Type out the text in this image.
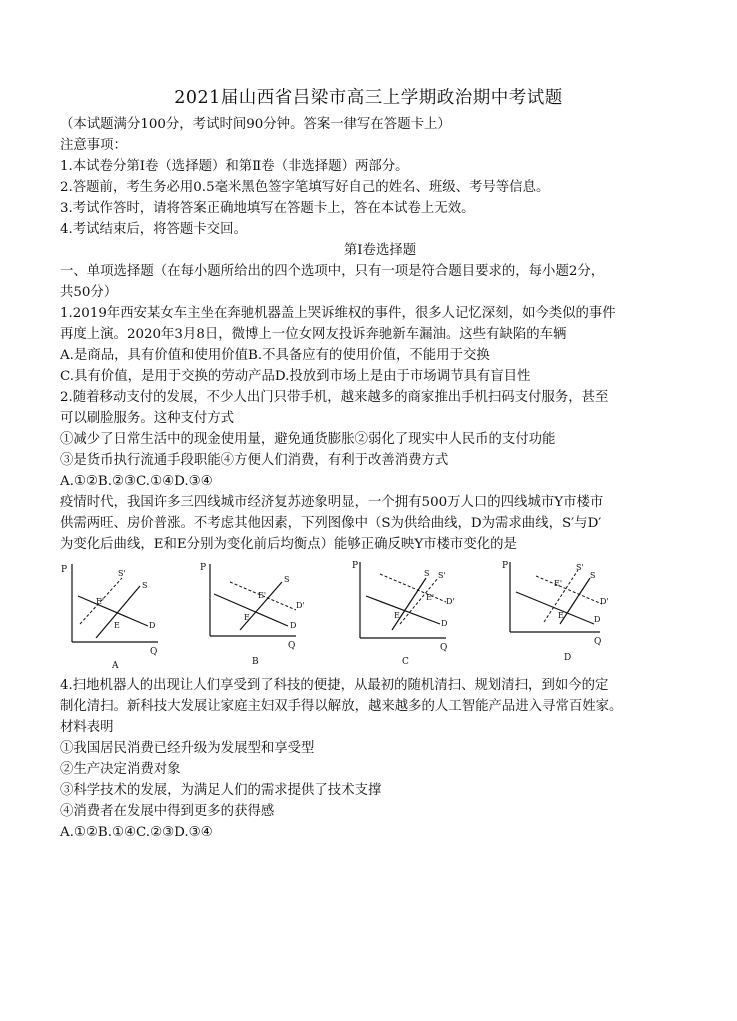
2021届山西省吕梁市高三上学期政治期中考试题
（本试题满分100分，考试时间90分钟。答案一律写在答题卡上）
注意事项：
1.本试卷分第Ⅰ卷（选择题）和第Ⅱ卷（非选择题）两部分。
2.答题前，考生务必用0.5毫米黑色签字笔填写好自己的姓名、班级、考号等信息。
3.考试作答时，请将答案正确地填写在答题卡上，答在本试卷上无效。
4.考试结束后，将答题卡交回。
第Ⅰ卷选择题
一、单项选择题（在每小题所给出的四个选项中，只有一项是符合题目要求的，每小题2分，
共50分）
1.2019年西安某女车主坐在奔驰机器盖上哭诉维权的事件，很多人记忆深刻，如今类似的事件
再度上演。2020年3月8日，微博上一位女网友投诉奔驰新车漏油。这些有缺陷的车辆
A.是商品，具有价值和使用价值B.不具备应有的使用价值，不能用于交换
C.具有价值，是用于交换的劳动产品D.投放到市场上是由于市场调节具有盲目性
2.随着移动支付的发展，不少人出门只带手机，越来越多的商家推出手机扫码支付服务，甚至
可以刷脸服务。这种支付方式
①减少了日常生活中的现金使用量，避免通货膨胀②弱化了现实中人民币的支付功能
③是货币执行流通手段职能④方便人们消费，有利于改善消费方式
A.①②B.②③C.①④D.③④
疫情时代，我国许多三四线城市经济复苏迹象明显，一个拥有500万人口的四线城市Y市楼市
供需两旺、房价普涨。不考虑其他因素，下列图像中（S为供给曲线，D为需求曲线，S′与D′
为变化后曲线，E和E分别为变化前后均衡点）能够正确反映Y市楼市变化的是
P
Q
S'
S
D
E'
E
A
P
Q
S
D'
D
E'
E
B
P
Q
S S'
D'
D
E'
E
C
P
Q
S'
S
D'
D
E'
E
D
4.扫地机器人的出现让人们享受到了科技的便捷，从最初的随机清扫、规划清扫，到如今的定
制化清扫。新科技大发展让家庭主妇双手得以解放，越来越多的人工智能产品进入寻常百姓家。
材料表明
①我国居民消费已经升级为发展型和享受型
②生产决定消费对象
③科学技术的发展，为满足人们的需求提供了技术支撑
④消费者在发展中得到更多的获得感
A.①②B.①④C.②③D.③④
